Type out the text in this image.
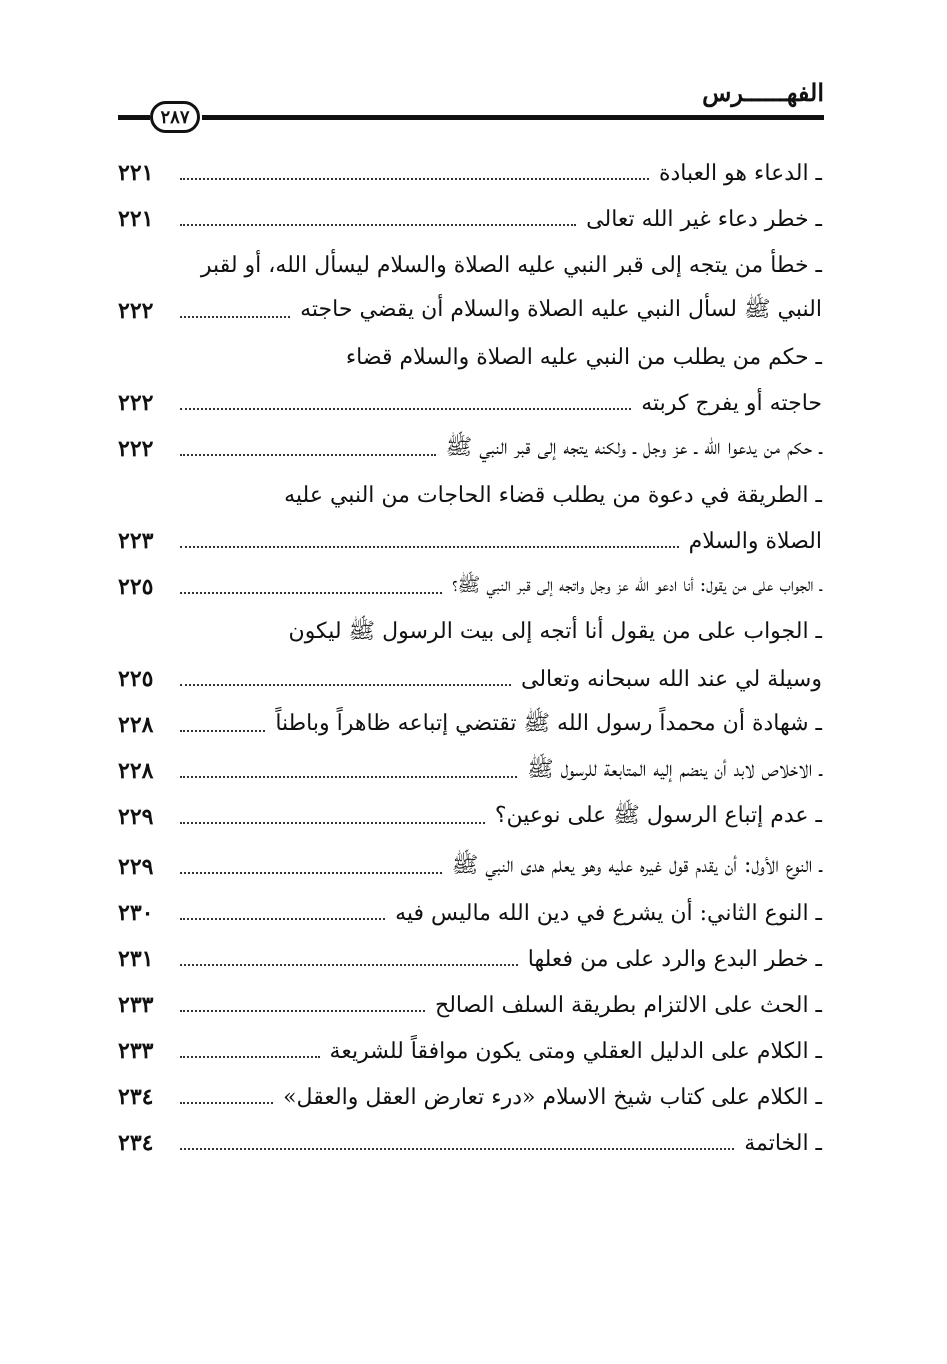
الفهــــــرس
٢٨٧
ـ الدعاء هو العبادة
٢٢١
ـ خطر دعاء غير الله تعالى
٢٢١
ـ خطأ من يتجه إلى قبر النبي عليه الصلاة والسلام ليسأل الله، أو لقبر
النبي ﷺ لسأل النبي عليه الصلاة والسلام أن يقضي حاجته
٢٢٢
ـ حكم من يطلب من النبي عليه الصلاة والسلام قضاء
حاجته أو يفرج كربته
٢٢٢
ـ حكم من يدعوا الله ـ عز وجل ـ ولكنه يتجه إلى قبر النبي ﷺ
٢٢٢
ـ الطريقة في دعوة من يطلب قضاء الحاجات من النبي عليه
الصلاة والسلام
٢٢٣
ـ الجواب على من يقول: أنا ادعو الله عز وجل واتجه إلى قبر النبي ﷺ؟
٢٢٥
ـ الجواب على من يقول أنا أتجه إلى بيت الرسول ﷺ ليكون
وسيلة لي عند الله سبحانه وتعالى
٢٢٥
ـ شهادة أن محمداً رسول الله ﷺ تقتضي إتباعه ظاهراً وباطناً
٢٢٨
ـ الاخلاص لابد أن ينضم إليه المتابعة للرسول ﷺ
٢٢٨
ـ عدم إتباع الرسول ﷺ على نوعين؟
٢٢٩
ـ النوع الأول: أن يقدم قول غيره عليه وهو يعلم هدى النبي ﷺ
٢٢٩
ـ النوع الثاني: أن يشرع في دين الله ماليس فيه
٢٣٠
ـ خطر البدع والرد على من فعلها
٢٣١
ـ الحث على الالتزام بطريقة السلف الصالح
٢٣٣
ـ الكلام على الدليل العقلي ومتى يكون موافقاً للشريعة
٢٣٣
ـ الكلام على كتاب شيخ الاسلام «درء تعارض العقل والعقل»
٢٣٤
ـ الخاتمة
٢٣٤
